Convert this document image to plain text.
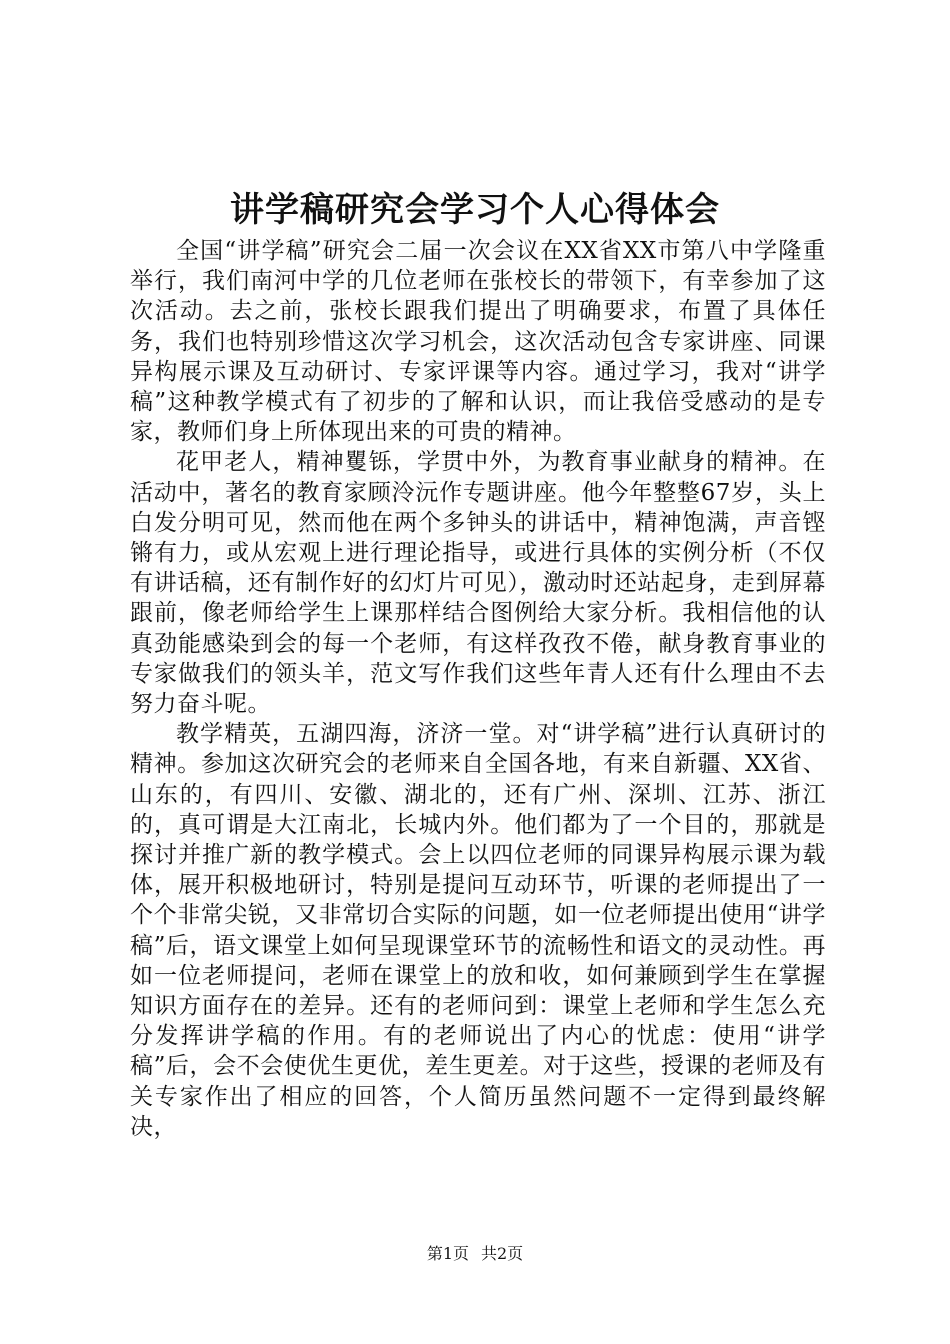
讲学稿研究会学习个人心得体会

全国“讲学稿”研究会二届一次会议在XX省XX市第八中学隆重举行，我们南河中学的几位老师在张校长的带领下，有幸参加了这次活动。去之前，张校长跟我们提出了明确要求，布置了具体任务，我们也特别珍惜这次学习机会，这次活动包含专家讲座、同课异构展示课及互动研讨、专家评课等内容。通过学习，我对“讲学稿”这种教学模式有了初步的了解和认识，而让我倍受感动的是专家，教师们身上所体现出来的可贵的精神。

花甲老人，精神矍铄，学贯中外，为教育事业献身的精神。在活动中，著名的教育家顾泠沅作专题讲座。他今年整整67岁，头上白发分明可见，然而他在两个多钟头的讲话中，精神饱满，声音铿锵有力，或从宏观上进行理论指导，或进行具体的实例分析（不仅有讲话稿，还有制作好的幻灯片可见），激动时还站起身，走到屏幕跟前，像老师给学生上课那样结合图例给大家分析。我相信他的认真劲能感染到会的每一个老师，有这样孜孜不倦，献身教育事业的专家做我们的领头羊，范文写作我们这些年青人还有什么理由不去努力奋斗呢。

教学精英，五湖四海，济济一堂。对“讲学稿”进行认真研讨的精神。参加这次研究会的老师来自全国各地，有来自新疆、XX省、山东的，有四川、安徽、湖北的，还有广州、深圳、江苏、浙江的，真可谓是大江南北，长城内外。他们都为了一个目的，那就是探讨并推广新的教学模式。会上以四位老师的同课异构展示课为载体，展开积极地研讨，特别是提问互动环节，听课的老师提出了一个个非常尖锐，又非常切合实际的问题，如一位老师提出使用“讲学稿”后，语文课堂上如何呈现课堂环节的流畅性和语文的灵动性。再如一位老师提问，老师在课堂上的放和收，如何兼顾到学生在掌握知识方面存在的差异。还有的老师问到：课堂上老师和学生怎么充分发挥讲学稿的作用。有的老师说出了内心的忧虑：使用“讲学稿”后，会不会使优生更优，差生更差。对于这些，授课的老师及有关专家作出了相应的回答，个人简历虽然问题不一定得到最终解决，

第1页 共2页
